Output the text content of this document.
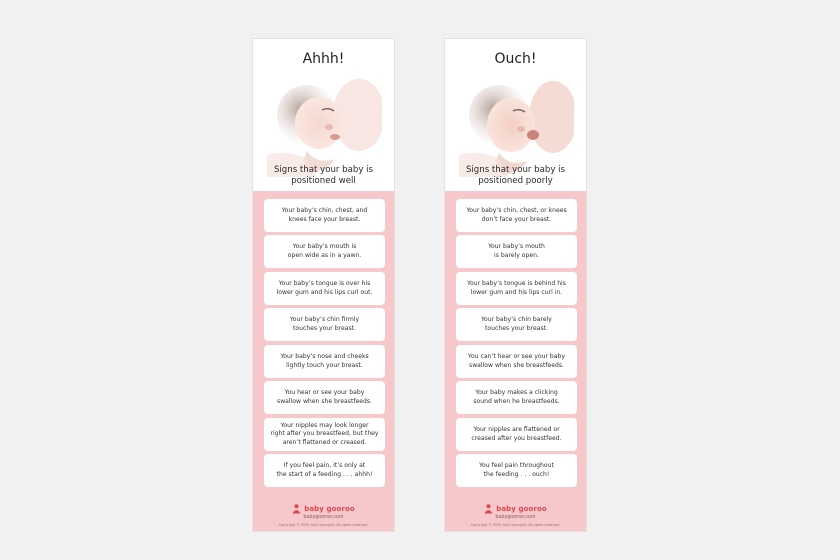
Ahhh!
Signs that your baby is positioned well
Your baby’s chin, chest, and
knees face your breast.
Your baby’s mouth is
open wide as in a yawn.
Your baby’s tongue is over his
lower gum and his lips curl out.
Your baby’s chin firmly
touches your breast.
Your baby’s nose and cheeks
lightly touch your breast.
You hear or see your baby
swallow when she breastfeeds.
Your nipples may look longer
right after you breastfeed, but they
aren’t flattened or creased.
If you feel pain, it’s only at
the start of a feeding . . . ahhh!
baby gooroo
babygooroo.com
Copyright © 2020 Amy Spangler. All rights reserved.
Ouch!
Signs that your baby is positioned poorly
Your baby’s chin, chest, or knees
don’t face your breast.
Your baby’s mouth
is barely open.
Your baby’s tongue is behind his
lower gum and his lips curl in.
Your baby’s chin barely
touches your breast.
You can’t hear or see your baby
swallow when she breastfeeds.
Your baby makes a clicking
sound when he breastfeeds.
Your nipples are flattened or
creased after you breastfeed.
You feel pain throughout
the feeding . . . ouch!
baby gooroo
babygooroo.com
Copyright © 2020 Amy Spangler. All rights reserved.
